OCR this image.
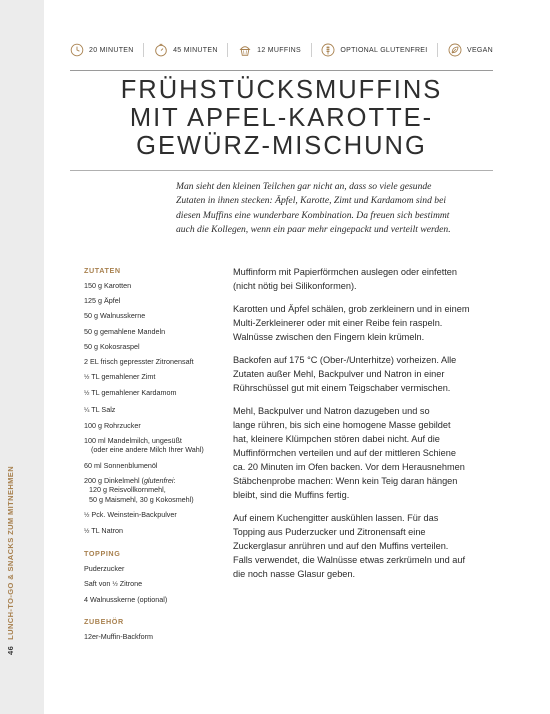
46LUNCH-TO-GO & SNACKS ZUM MITNEHMEN
20 MINUTEN	45 MINUTEN	12 MUFFINS	OPTIONAL GLUTENFREI	VEGAN
FRÜHSTÜCKSMUFFINS
MIT APFEL-KAROTTE-
GEWÜRZ-MISCHUNG
Man sieht den kleinen Teilchen gar nicht an, dass so viele gesunde
Zutaten in ihnen stecken: Äpfel, Karotte, Zimt und Kardamom sind bei
diesen Muffins eine wunderbare Kombination. Da freuen sich bestimmt
auch die Kollegen, wenn ein paar mehr eingepackt und verteilt werden.
ZUTATEN
150 g Karotten
125 g Äpfel
50 g Walnusskerne
50 g gemahlene Mandeln
50 g Kokosraspel
2 EL frisch gepresster Zitronensaft
½ TL gemahlener Zimt
½ TL gemahlener Kardamom
¼ TL Salz
100 g Rohrzucker
100 ml Mandelmilch, ungesüßt
(oder eine andere Milch Ihrer Wahl)
60 ml Sonnenblumenöl
200 g Dinkelmehl (glutenfrei:
120 g Reisvollkornmehl,
50 g Maismehl, 30 g Kokosmehl)
½ Pck. Weinstein-Backpulver
½ TL Natron
TOPPING
Puderzucker
Saft von ½ Zitrone
4 Walnusskerne (optional)
ZUBEHÖR
12er-Muffin-Backform

Muffinform mit Papierförmchen auslegen oder einfetten
(nicht nötig bei Silikonformen).

Karotten und Äpfel schälen, grob zerkleinern und in einem
Multi-Zerkleinerer oder mit einer Reibe fein raspeln.
Walnüsse zwischen den Fingern klein krümeln.

Backofen auf 175 °C (Ober-/Unterhitze) vorheizen. Alle
Zutaten außer Mehl, Backpulver und Natron in einer
Rührschüssel gut mit einem Teigschaber vermischen.

Mehl, Backpulver und Natron dazugeben und so
lange rühren, bis sich eine homogene Masse gebildet
hat, kleinere Klümpchen stören dabei nicht. Auf die
Muffinförmchen verteilen und auf der mittleren Schiene
ca. 20 Minuten im Ofen backen. Vor dem Herausnehmen
Stäbchenprobe machen: Wenn kein Teig daran hängen
bleibt, sind die Muffins fertig.

Auf einem Kuchengitter auskühlen lassen. Für das
Topping aus Puderzucker und Zitronensaft eine
Zuckerglasur anrühren und auf den Muffins verteilen.
Falls verwendet, die Walnüsse etwas zerkrümeln und auf
die noch nasse Glasur geben.
